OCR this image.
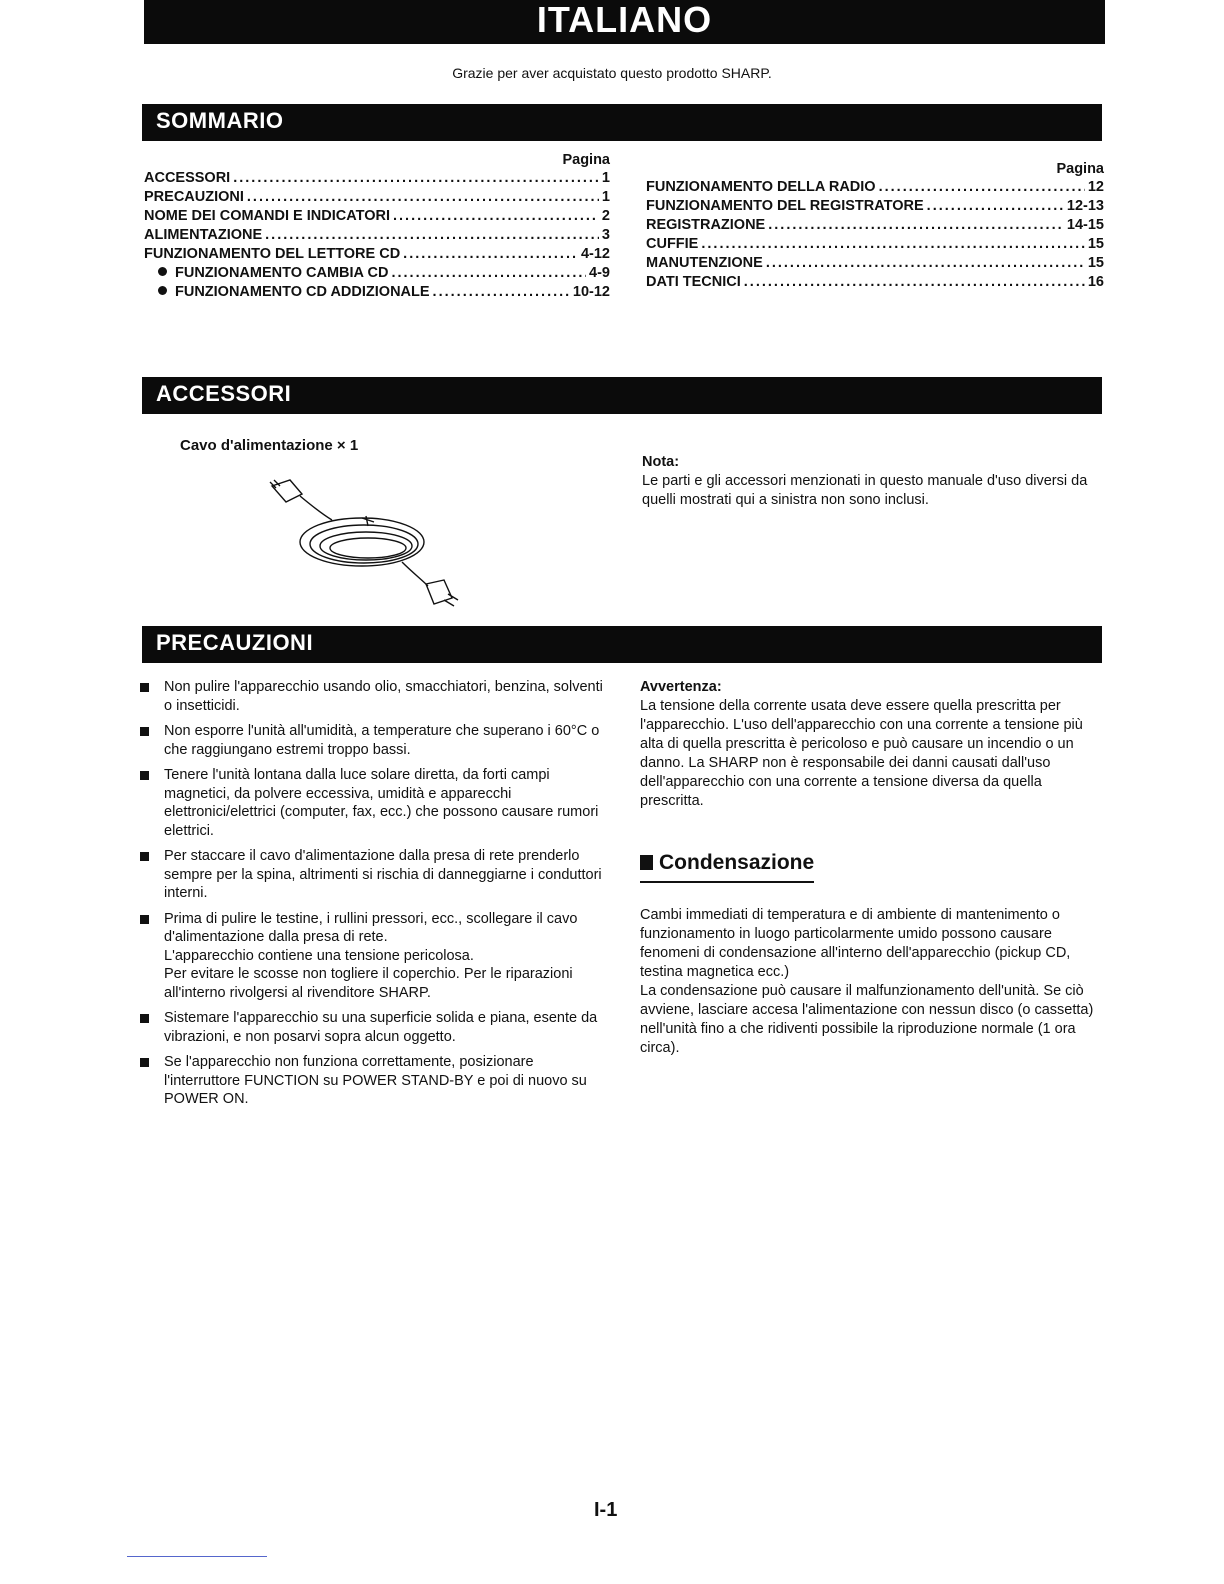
ITALIANO
Grazie per aver acquistato questo prodotto SHARP.
SOMMARIO
Pagina
ACCESSORI .....	1
PRECAUZIONI .....	1
NOME DEI COMANDI E INDICATORI .....	2
ALIMENTAZIONE .....	3
FUNZIONAMENTO DEL LETTORE CD .....	4-12
FUNZIONAMENTO CAMBIA CD .....	4-9
FUNZIONAMENTO CD ADDIZIONALE .....	10-12
Pagina
FUNZIONAMENTO DELLA RADIO .....	12
FUNZIONAMENTO DEL REGISTRATORE .....	12-13
REGISTRAZIONE .....	14-15
CUFFIE .....	15
MANUTENZIONE .....	15
DATI TECNICI .....	16
ACCESSORI
Cavo d'alimentazione × 1
Nota:
Le parti e gli accessori menzionati in questo manuale d'uso diversi da quelli mostrati qui a sinistra non sono inclusi.
PRECAUZIONI
Non pulire l'apparecchio usando olio, smacchiatori, benzina, solventi o insetticidi.
Non esporre l'unità all'umidità, a temperature che superano i 60°C o che raggiungano estremi troppo bassi.
Tenere l'unità lontana dalla luce solare diretta, da forti campi magnetici, da polvere eccessiva, umidità e apparecchi elettronici/elettrici (computer, fax, ecc.) che possono causare rumori elettrici.
Per staccare il cavo d'alimentazione dalla presa di rete prenderlo sempre per la spina, altrimenti si rischia di danneggiarne i conduttori interni.
Prima di pulire le testine, i rullini pressori, ecc., scollegare il cavo d'alimentazione dalla presa di rete.
L'apparecchio contiene una tensione pericolosa.
Per evitare le scosse non togliere il coperchio. Per le riparazioni all'interno rivolgersi al rivenditore SHARP.
Sistemare l'apparecchio su una superficie solida e piana, esente da vibrazioni, e non posarvi sopra alcun oggetto.
Se l'apparecchio non funziona correttamente, posizionare l'interruttore FUNCTION su POWER STAND-BY e poi di nuovo su POWER ON.
Avvertenza:
La tensione della corrente usata deve essere quella prescritta per l'apparecchio. L'uso dell'apparecchio con una corrente a tensione più alta di quella prescritta è pericoloso e può causare un incendio o un danno. La SHARP non è responsabile dei danni causati dall'uso dell'apparecchio con una corrente a tensione diversa da quella prescritta.
Condensazione

Cambi immediati di temperatura e di ambiente di mantenimento o funzionamento in luogo particolarmente umido possono causare fenomeni di condensazione all'interno dell'apparecchio (pickup CD, testina magnetica ecc.)

La condensazione può causare il malfunzionamento dell'unità. Se ciò avviene, lasciare accesa l'alimentazione con nessun disco (o cassetta) nell'unità fino a che ridiventi possibile la riproduzione normale (1 ora circa).

I-1
